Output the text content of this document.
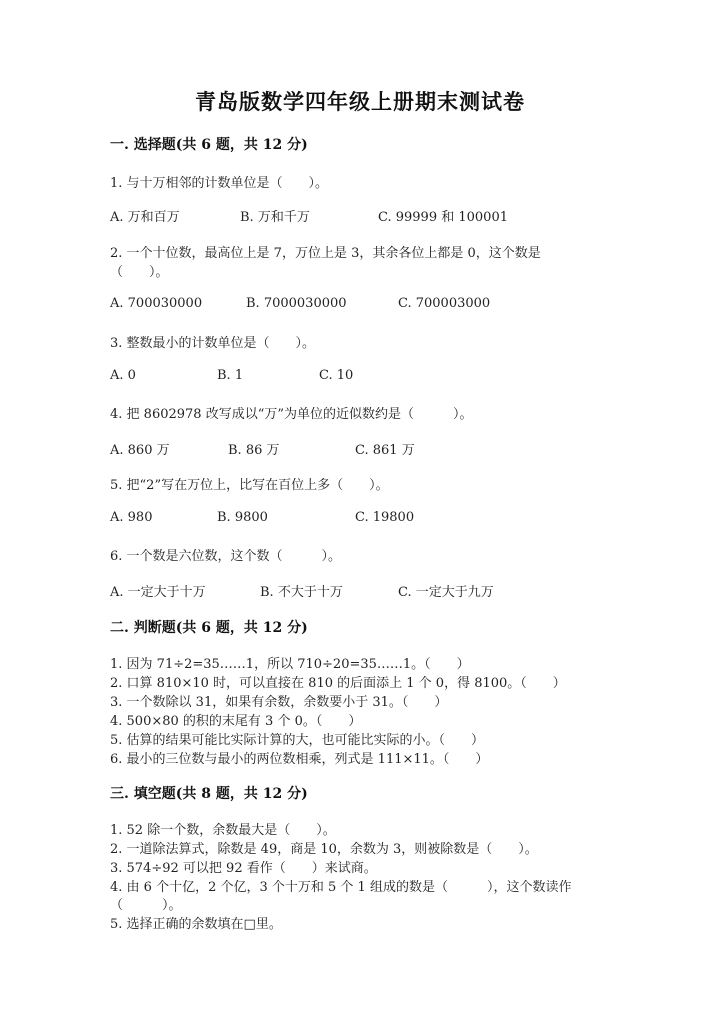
青岛版数学四年级上册期末测试卷
一. 选择题(共 6 题，共 12 分)
1. 与十万相邻的计数单位是（　　）。
A. 万和百万	B. 万和千万	C. 99999 和 100001
2. 一个十位数，最高位上是 7，万位上是 3，其余各位上都是 0，这个数是
（　　）。
A. 700030000	B. 7000030000	C. 700003000
3. 整数最小的计数单位是（　　）。
A. 0	B. 1	C. 10
4. 把 8602978 改写成以“万”为单位的近似数约是（　　　）。
A. 860 万	B. 86 万	C. 861 万
5. 把“2”写在万位上，比写在百位上多（　　）。
A. 980	B. 9800	C. 19800
6. 一个数是六位数，这个数（　　　）。
A. 一定大于十万	B. 不大于十万	C. 一定大于九万
二. 判断题(共 6 题，共 12 分)
1. 因为 71÷2=35……1，所以 710÷20=35……1。（　　）
2. 口算 810×10 时，可以直接在 810 的后面添上 1 个 0，得 8100。（　　）
3. 一个数除以 31，如果有余数，余数要小于 31。（　　）
4. 500×80 的积的末尾有 3 个 0。（　　）
5. 估算的结果可能比实际计算的大，也可能比实际的小。（　　）
6. 最小的三位数与最小的两位数相乘，列式是 111×11。（　　）
三. 填空题(共 8 题，共 12 分)
1. 52 除一个数，余数最大是（　　）。
2. 一道除法算式，除数是 49，商是 10，余数为 3，则被除数是（　　）。
3. 574÷92 可以把 92 看作（　　）来试商。
4. 由 6 个十亿，2 个亿，3 个十万和 5 个 1 组成的数是（　　　），这个数读作
（　　　）。
5. 选择正确的余数填在□里。
